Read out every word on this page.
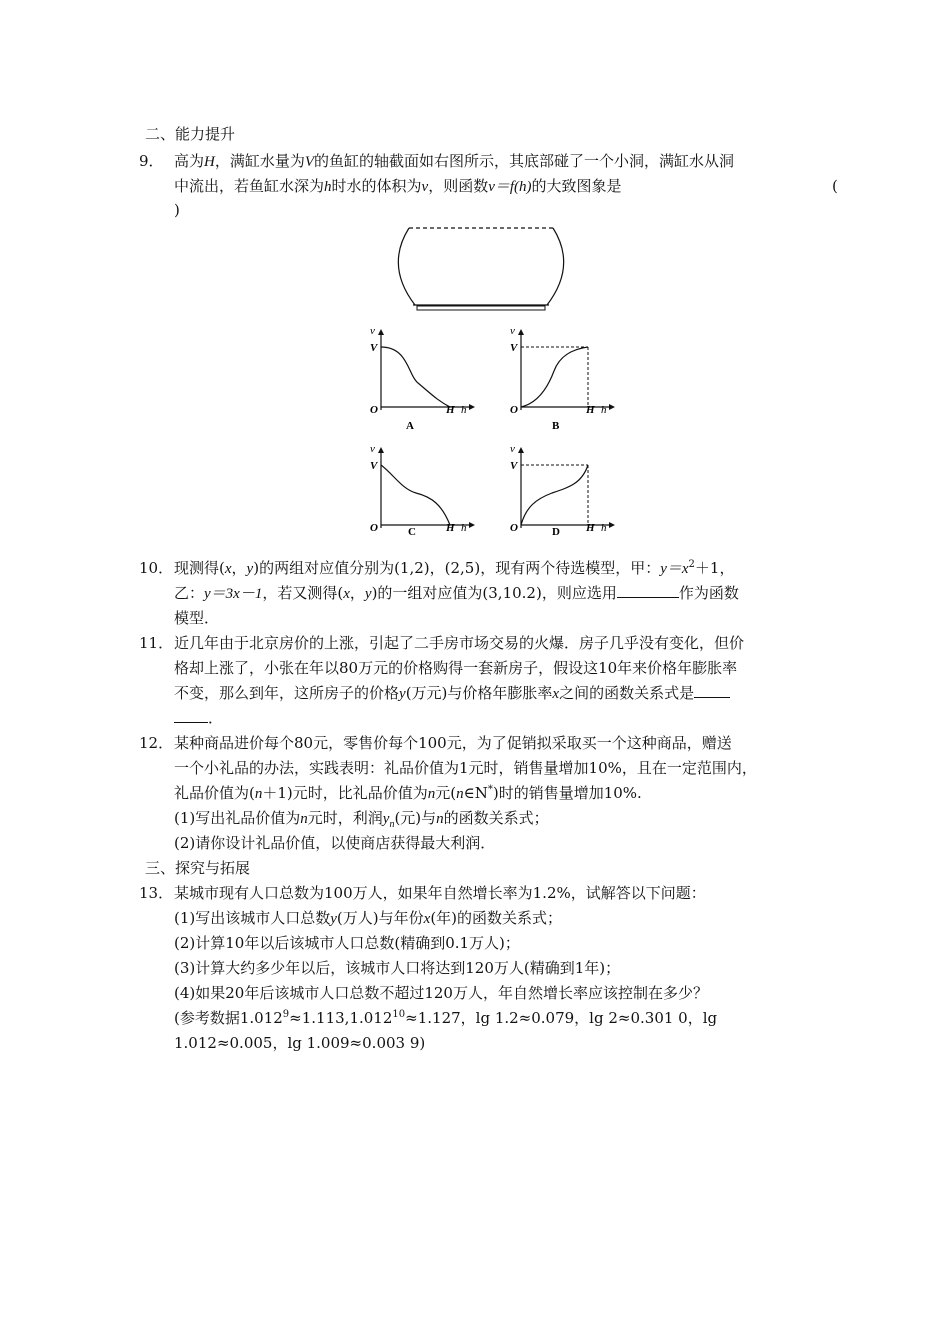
二、能力提升
9． 高为H，满缸水量为V的鱼缸的轴截面如右图所示，其底部碰了一个小洞，满缸水从洞
中流出，若鱼缸水深为h时水的体积为v，则函数v＝f(h)的大致图象是	(
)
v
V
O	H h
A
v
V
O	H h
B
v
V
O	H h
C
v
V
O	H h
D
10． 现测得(x，y)的两组对应值分别为(1,2)，(2,5)，现有两个待选模型，甲：$y=x^2+1$，
乙：y＝3x－1，若又测得(x，y)的一组对应值为(3,10.2)，则应选用	作为函数
模型．
11． 近几年由于北京房价的上涨，引起了二手房市场交易的火爆．房子几乎没有变化，但价
格却上涨了，小张在年以80万元的价格购得一套新房子，假设这10年来价格年膨胀率
不变，那么到年，这所房子的价格y(万元)与价格年膨胀率x之间的函数关系式是
．
12． 某种商品进价每个80元，零售价每个100元，为了促销拟采取买一个这种商品，赠送
一个小礼品的办法，实践表明：礼品价值为1元时，销售量增加10%，且在一定范围内，
礼品价值为(n＋1)元时，比礼品价值为n元(n∈N*)时的销售量增加10%.
(1)写出礼品价值为n元时，利润$y_n$(元)与n的函数关系式；
(2)请你设计礼品价值，以使商店获得最大利润．
三、探究与拓展
13． 某城市现有人口总数为100万人，如果年自然增长率为1.2%，试解答以下问题：
(1)写出该城市人口总数y(万人)与年份x(年)的函数关系式；
(2)计算10年以后该城市人口总数(精确到0.1万人)；
(3)计算大约多少年以后，该城市人口将达到120万人(精确到1年)；
(4)如果20年后该城市人口总数不超过120万人，年自然增长率应该控制在多少？
(参考数据$1.012^9\approx 1.113,1.012^{10}\approx 1.127$，lg 1.2≈0.079，lg 2≈0.301 0，lg
1.012≈0.005，lg 1.009≈0.003 9)
